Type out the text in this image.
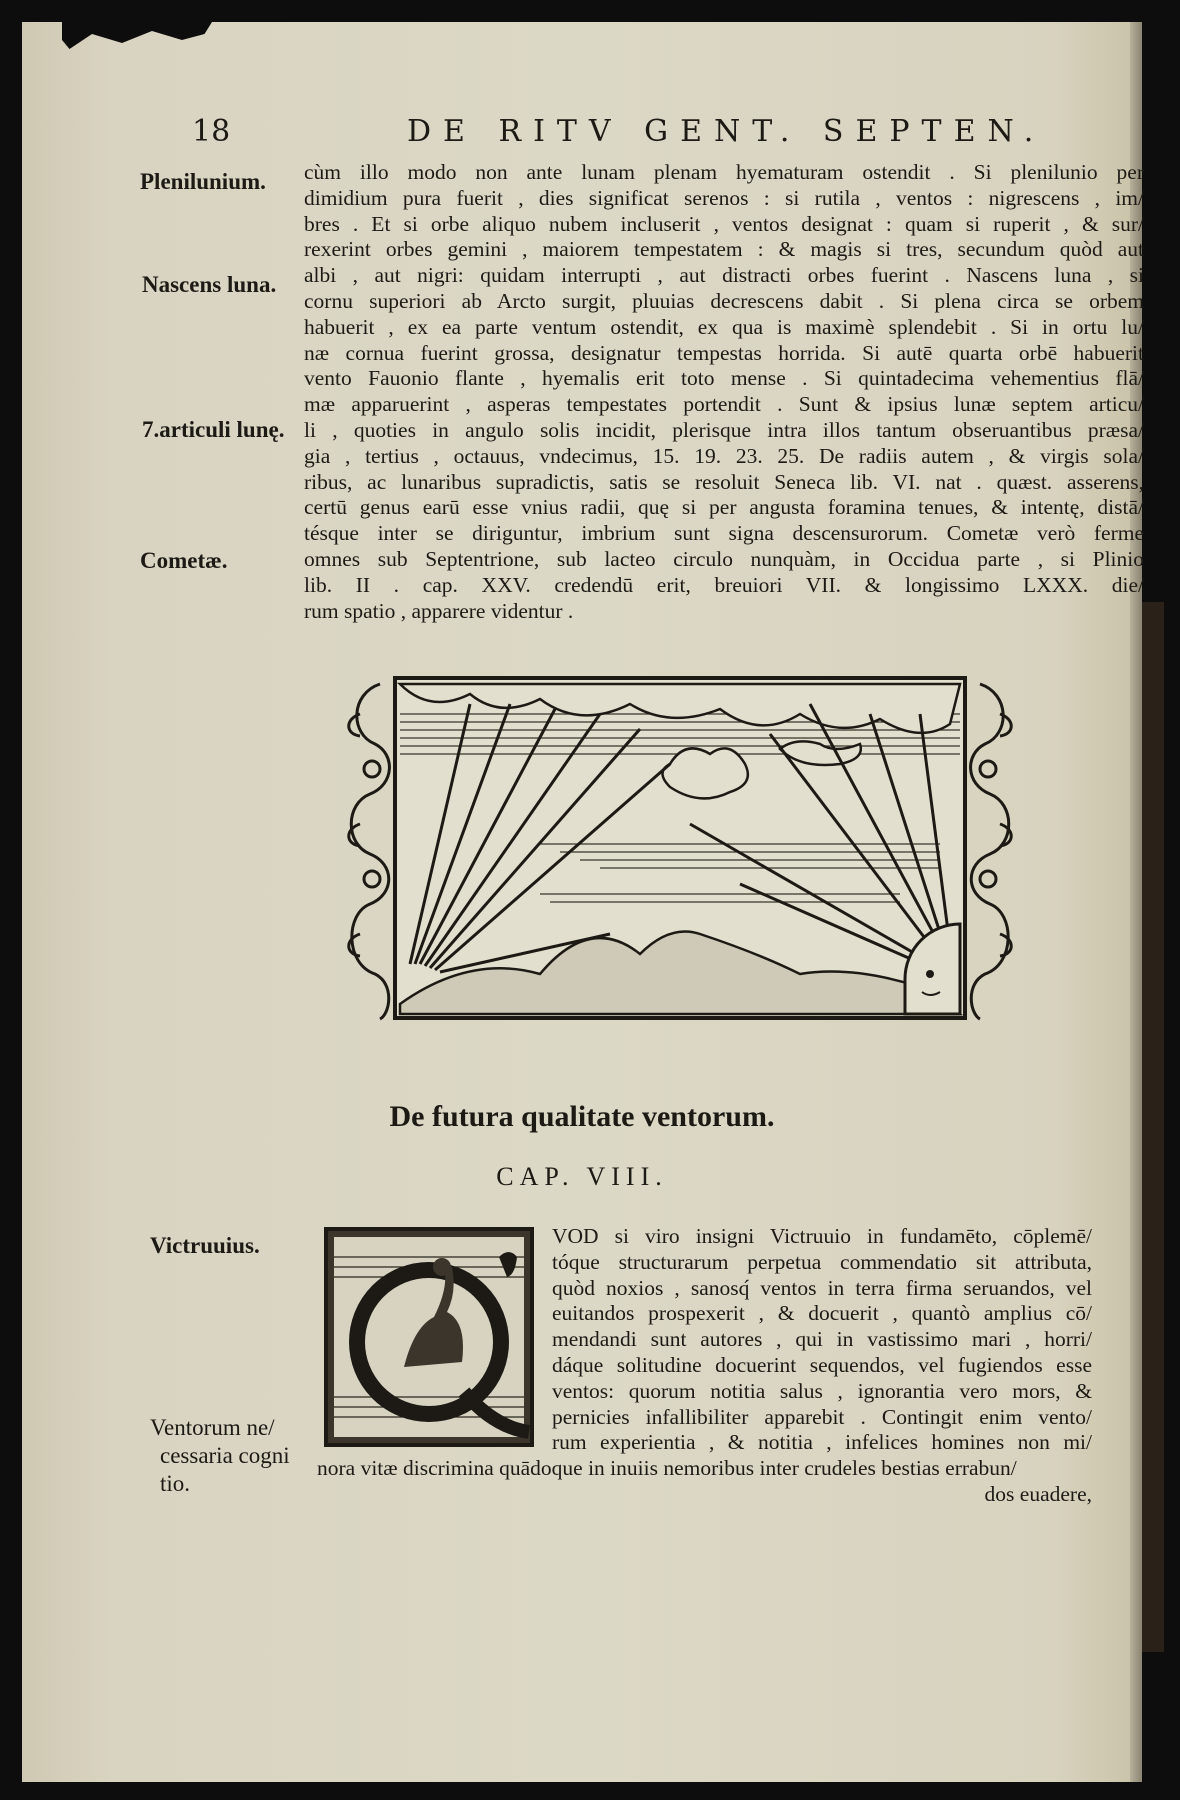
18	DE RITV GENT. SEPTEN.
Plenilunium.
Nascens luna.
7.articuli lunę.
Cometæ.
Victruuius.
Ventorum ne/
cessaria cogni
tio.
cùm illo modo non ante lunam plenam hyematuram ostendit . Si plenilunio per
dimidium pura fuerit , dies significat serenos : si rutila , ventos : nigrescens , im/
bres . Et si orbe aliquo nubem incluserit , ventos designat : quam si ruperit , & sur/
rexerint orbes gemini , maiorem tempestatem : & magis si tres, secundum quòd aut
albi , aut nigri: quidam interrupti , aut distracti orbes fuerint . Nascens luna , si
cornu superiori ab Arcto surgit, pluuias decrescens dabit . Si plena circa se orbem
habuerit , ex ea parte ventum ostendit, ex qua is maximè splendebit . Si in ortu lu/
næ cornua fuerint grossa, designatur tempestas horrida. Si autē quarta orbē habuerit
vento Fauonio flante , hyemalis erit toto mense . Si quintadecima vehementius flā/
mæ apparuerint , asperas tempestates portendit . Sunt & ipsius lunæ septem articu/
li , quoties in angulo solis incidit, plerisque intra illos tantum obseruantibus præsa/
gia , tertius , octauus, vndecimus, 15. 19. 23. 25. De radiis autem , & virgis sola/
ribus, ac lunaribus supradictis, satis se resoluit Seneca lib. VI. nat . quæst. asserens,
certū genus earū esse vnius radii, quę si per angusta foramina tenues, & intentę, distā/
tésque inter se diriguntur, imbrium sunt signa descensurorum. Cometæ verò ferme
omnes sub Septentrione, sub lacteo circulo nunquàm, in Occidua parte , si Plinio
lib. II . cap. XXV. credendū erit, breuiori VII. & longissimo LXXX. die/
rum spatio , apparere videntur .
De futura qualitate ventorum.
CAP. VIII.
VOD si viro insigni Victruuio in fundamēto, cōplemē/
tóque structurarum perpetua commendatio sit attributa,
quòd noxios , sanosq́ ventos in terra firma seruandos, vel
euitandos prospexerit , & docuerit , quantò amplius cō/
mendandi sunt autores , qui in vastissimo mari , horri/
dáque solitudine docuerint sequendos, vel fugiendos esse
ventos: quorum notitia salus , ignorantia vero mors, &
pernicies infallibiliter apparebit . Contingit enim vento/
rum experientia , & notitia , infelices homines non mi/
nora vitæ discrimina quādoque in inuiis nemoribus inter crudeles bestias errabun/
dos euadere,
